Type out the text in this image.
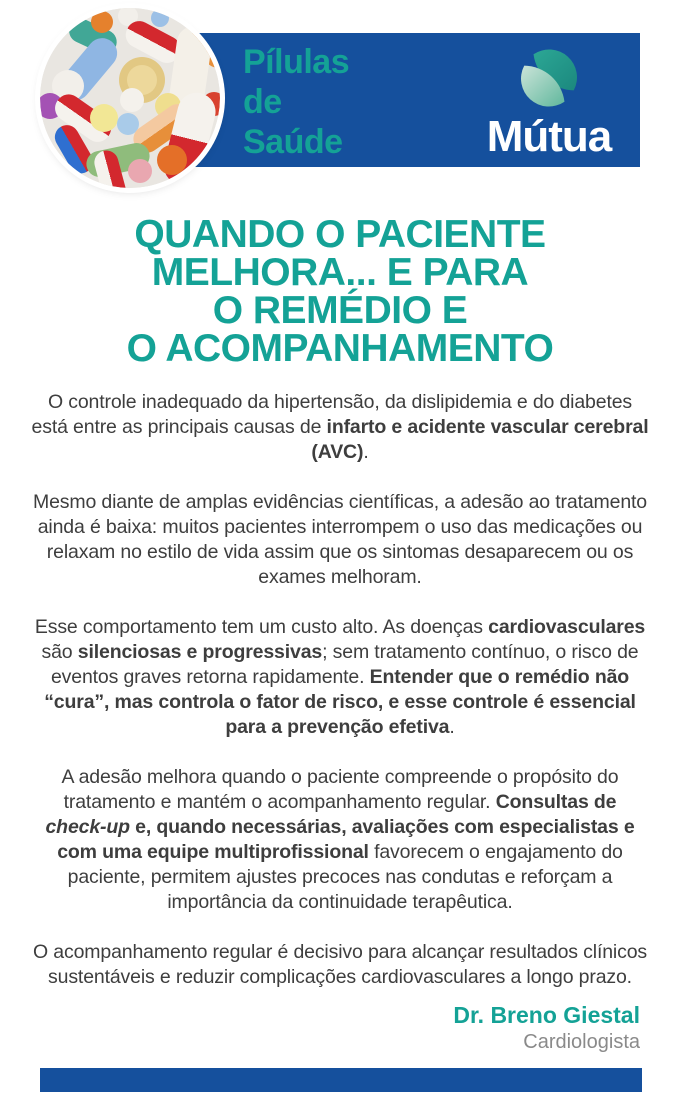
Pílulas
de
Saúde	Mútua
QUANDO O PACIENTE
MELHORA... E PARA
O REMÉDIO E
O ACOMPANHAMENTO

O controle inadequado da hipertensão, da dislipidemia e do diabetes está entre as principais causas de infarto e acidente vascular cerebral (AVC).

Mesmo diante de amplas evidências científicas, a adesão ao tratamento ainda é baixa: muitos pacientes interrompem o uso das medicações ou relaxam no estilo de vida assim que os sintomas desaparecem ou os exames melhoram.

Esse comportamento tem um custo alto. As doenças cardiovasculares são silenciosas e progressivas; sem tratamento contínuo, o risco de eventos graves retorna rapidamente. Entender que o remédio não “cura”, mas controla o fator de risco, e esse controle é essencial para a prevenção efetiva.

A adesão melhora quando o paciente compreende o propósito do tratamento e mantém o acompanhamento regular. Consultas de check-up e, quando necessárias, avaliações com especialistas e com uma equipe multiprofissional favorecem o engajamento do paciente, permitem ajustes precoces nas condutas e reforçam a importância da continuidade terapêutica.

O acompanhamento regular é decisivo para alcançar resultados clínicos sustentáveis e reduzir complicações cardiovasculares a longo prazo.

Dr. Breno Giestal
Cardiologista
